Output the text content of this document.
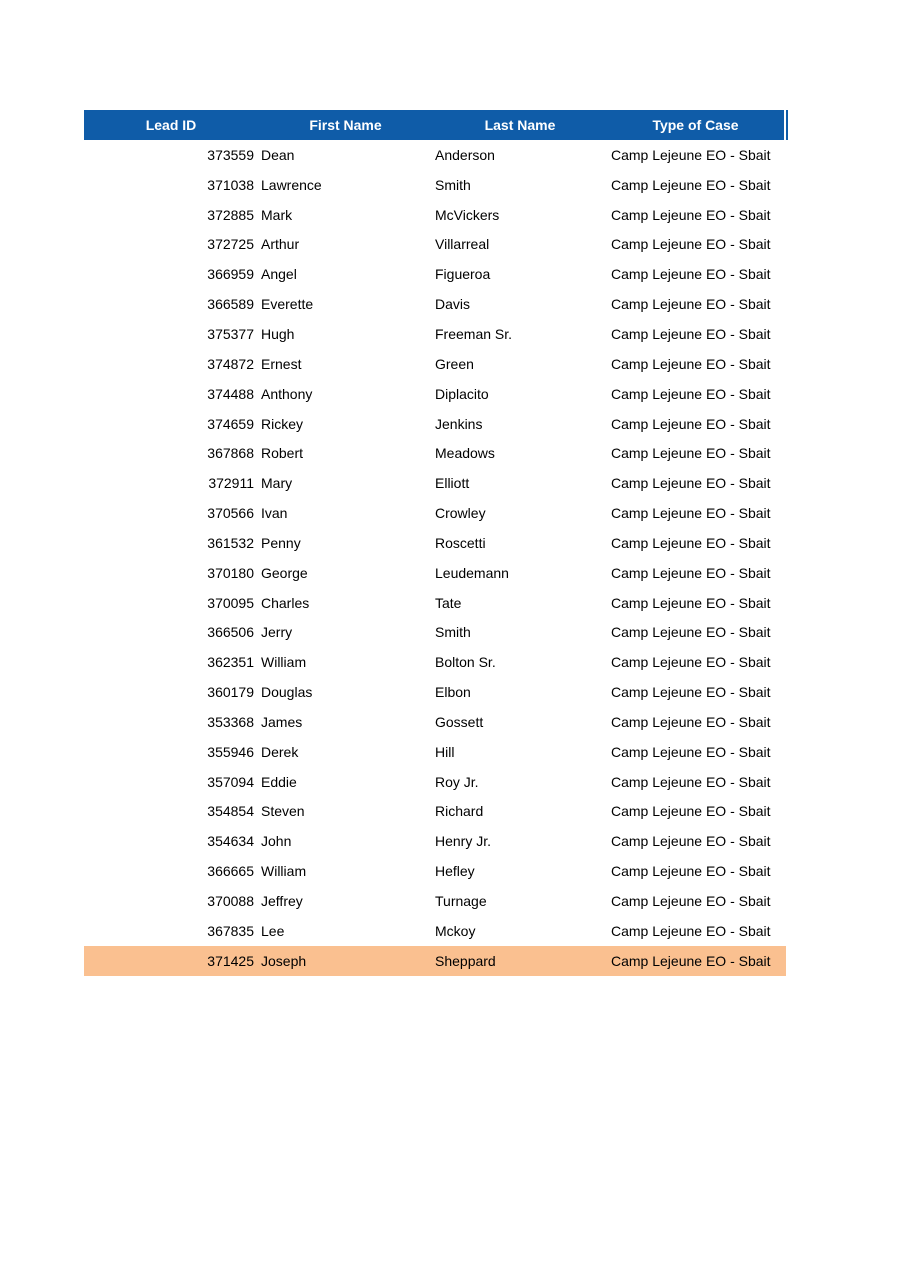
Lead ID	First Name	Last Name	Type of Case
373559 Dean	Anderson	Camp Lejeune EO - Sbait
371038 Lawrence	Smith	Camp Lejeune EO - Sbait
372885 Mark	McVickers	Camp Lejeune EO - Sbait
372725 Arthur	Villarreal	Camp Lejeune EO - Sbait
366959 Angel	Figueroa	Camp Lejeune EO - Sbait
366589 Everette	Davis	Camp Lejeune EO - Sbait
375377 Hugh	Freeman Sr.	Camp Lejeune EO - Sbait
374872 Ernest	Green	Camp Lejeune EO - Sbait
374488 Anthony	Diplacito	Camp Lejeune EO - Sbait
374659 Rickey	Jenkins	Camp Lejeune EO - Sbait
367868 Robert	Meadows	Camp Lejeune EO - Sbait
372911 Mary	Elliott	Camp Lejeune EO - Sbait
370566 Ivan	Crowley	Camp Lejeune EO - Sbait
361532 Penny	Roscetti	Camp Lejeune EO - Sbait
370180 George	Leudemann	Camp Lejeune EO - Sbait
370095 Charles	Tate	Camp Lejeune EO - Sbait
366506 Jerry	Smith	Camp Lejeune EO - Sbait
362351 William	Bolton Sr.	Camp Lejeune EO - Sbait
360179 Douglas	Elbon	Camp Lejeune EO - Sbait
353368 James	Gossett	Camp Lejeune EO - Sbait
355946 Derek	Hill	Camp Lejeune EO - Sbait
357094 Eddie	Roy Jr.	Camp Lejeune EO - Sbait
354854 Steven	Richard	Camp Lejeune EO - Sbait
354634 John	Henry Jr.	Camp Lejeune EO - Sbait
366665 William	Hefley	Camp Lejeune EO - Sbait
370088 Jeffrey	Turnage	Camp Lejeune EO - Sbait
367835 Lee	Mckoy	Camp Lejeune EO - Sbait
371425 Joseph	Sheppard	Camp Lejeune EO - Sbait
